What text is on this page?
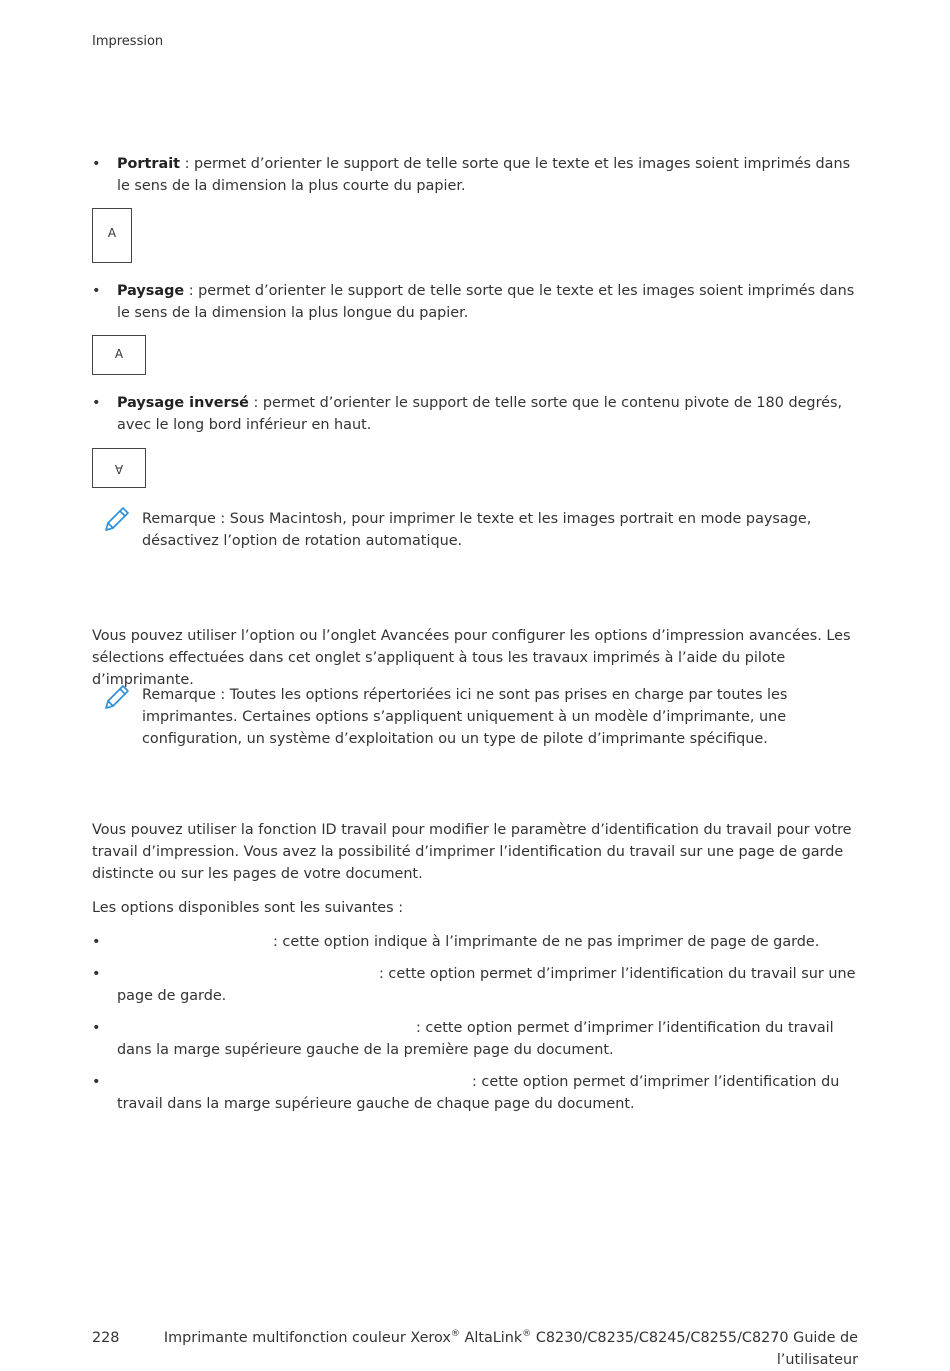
Impression
• Portrait : permet d’orienter le support de telle sorte que le texte et les images soient imprimés dans le sens de la dimension la plus courte du papier.
A
• Paysage : permet d’orienter le support de telle sorte que le texte et les images soient imprimés dans le sens de la dimension la plus longue du papier.
A
• Paysage inversé : permet d’orienter le support de telle sorte que le contenu pivote de 180 degrés, avec le long bord inférieur en haut.
A
Remarque : Sous Macintosh, pour imprimer le texte et les images portrait en mode paysage, désactivez l’option de rotation automatique.
Vous pouvez utiliser l’option ou l’onglet Avancées pour configurer les options d’impression avancées. Les sélections effectuées dans cet onglet s’appliquent à tous les travaux imprimés à l’aide du pilote d’imprimante.
Remarque : Toutes les options répertoriées ici ne sont pas prises en charge par toutes les imprimantes. Certaines options s’appliquent uniquement à un modèle d’imprimante, une configuration, un système d’exploitation ou un type de pilote d’imprimante spécifique.
Vous pouvez utiliser la fonction ID travail pour modifier le paramètre d’identification du travail pour votre travail d’impression. Vous avez la possibilité d’imprimer l’identification du travail sur une page de garde distincte ou sur les pages de votre document.
Les options disponibles sont les suivantes :
•	: cette option indique à l’imprimante de ne pas imprimer de page de garde.
•	: cette option permet d’imprimer l’identification du travail sur une page de garde.
•	: cette option permet d’imprimer l’identification du travail dans la marge supérieure gauche de la première page du document.
•	: cette option permet d’imprimer l’identification du travail dans la marge supérieure gauche de chaque page du document.
228	Imprimante multifonction couleur Xerox® AltaLink® C8230/C8235/C8245/C8255/C8270 Guide de l’utilisateur
